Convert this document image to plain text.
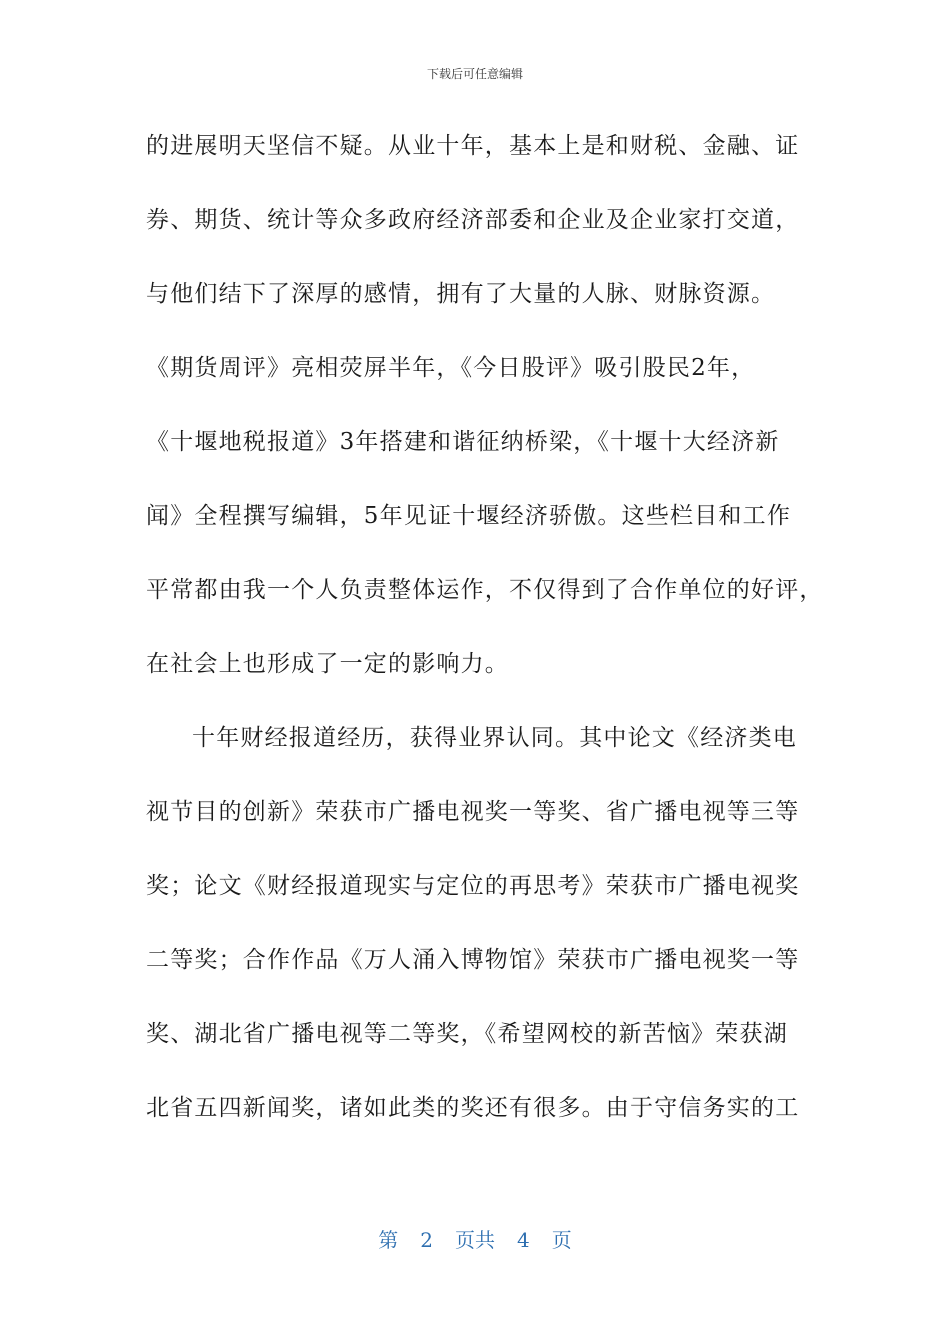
下载后可任意编辑
的进展明天坚信不疑。从业十年，基本上是和财税、金融、证
券、期货、统计等众多政府经济部委和企业及企业家打交道，
与他们结下了深厚的感情，拥有了大量的人脉、财脉资源。
《期货周评》亮相荧屏半年，《今日股评》吸引股民2年，
《十堰地税报道》3年搭建和谐征纳桥梁，《十堰十大经济新
闻》全程撰写编辑，5年见证十堰经济骄傲。这些栏目和工作
平常都由我一个人负责整体运作，不仅得到了合作单位的好评，
在社会上也形成了一定的影响力。
十年财经报道经历，获得业界认同。其中论文《经济类电
视节目的创新》荣获市广播电视奖一等奖、省广播电视等三等
奖；论文《财经报道现实与定位的再思考》荣获市广播电视奖
二等奖；合作作品《万人涌入博物馆》荣获市广播电视奖一等
奖、湖北省广播电视等二等奖，《希望网校的新苦恼》荣获湖
北省五四新闻奖，诸如此类的奖还有很多。由于守信务实的工
第 2 页共 4 页
